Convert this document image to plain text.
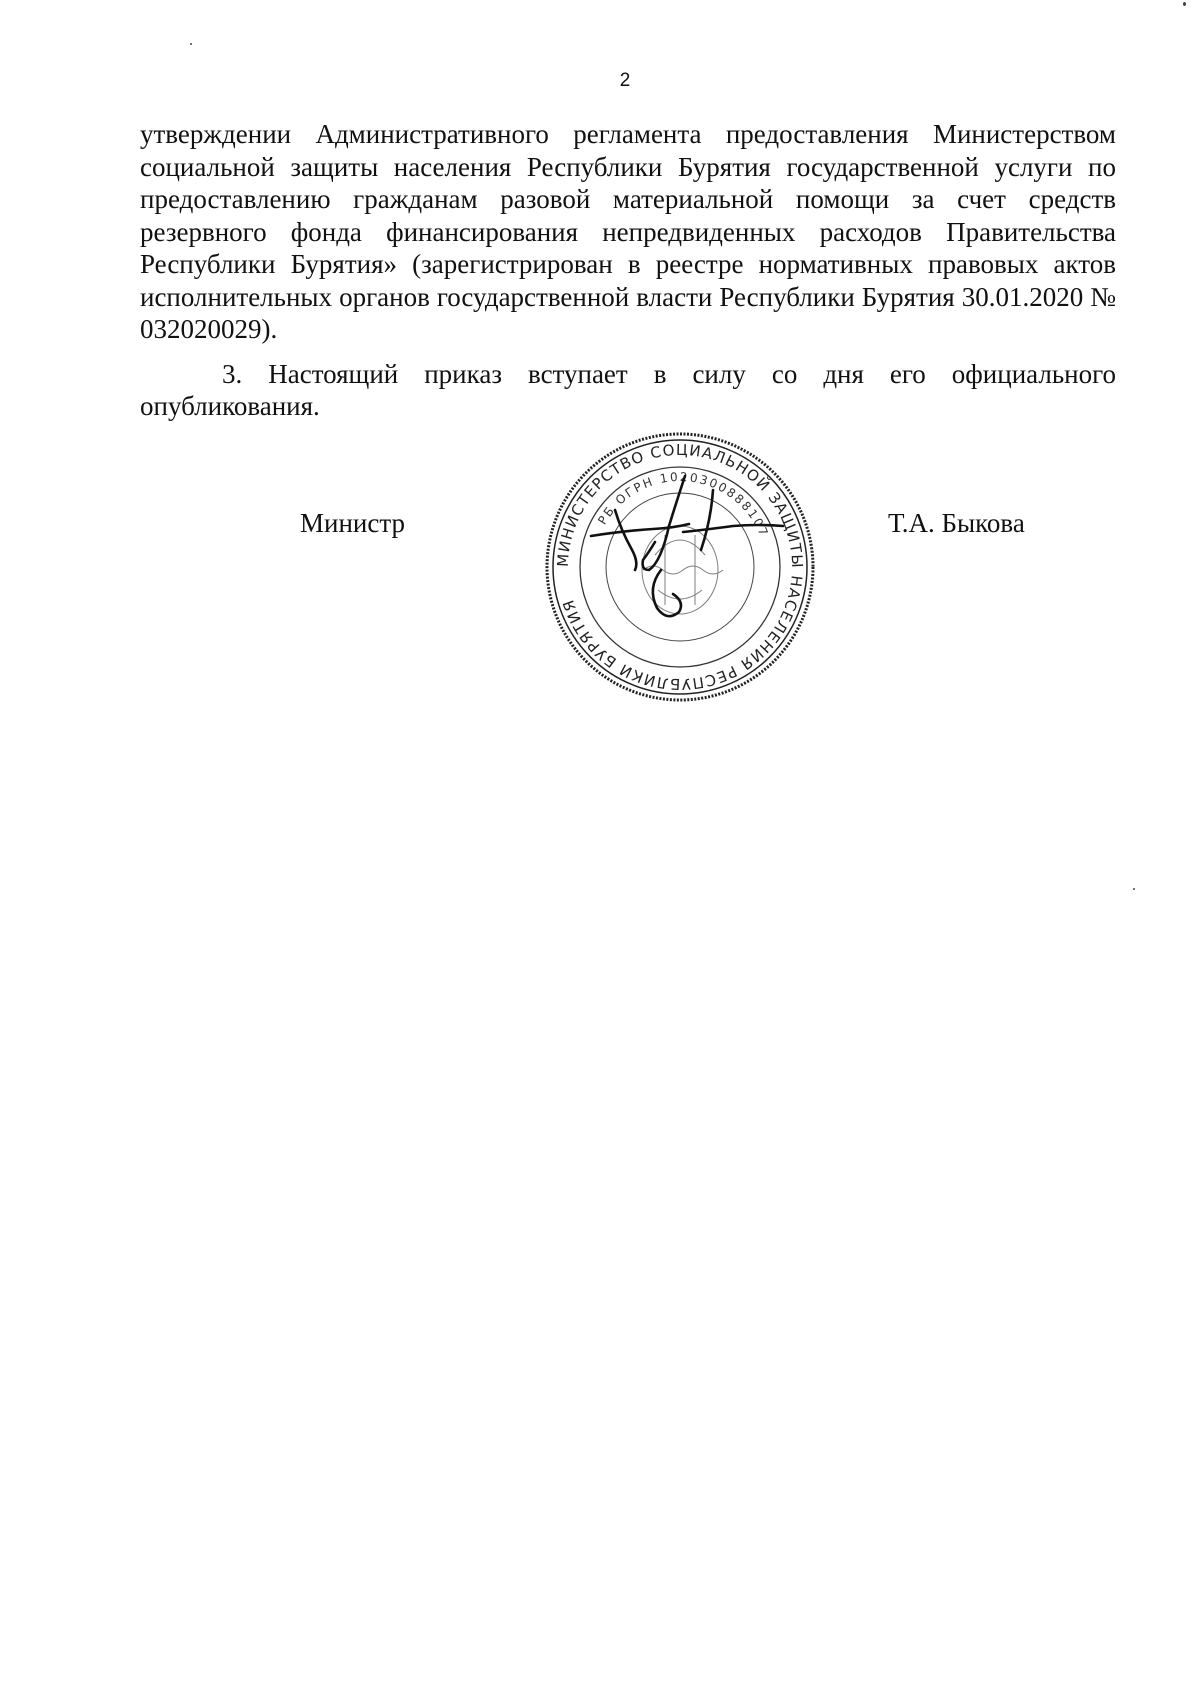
2

утверждении Административного регламента предоставления Министерством социальной защиты населения Республики Бурятия государственной услуги по предоставлению гражданам разовой материальной помощи за счет средств резервного фонда финансирования непредвиденных расходов Правительства Республики Бурятия» (зарегистрирован в реестре нормативных правовых актов исполнительных органов государственной власти Республики Бурятия 30.01.2020 № 032020029).

3. Настоящий приказ вступает в силу со дня его официального опубликования.

Министр
МИНИСТЕРСТВО СОЦИАЛЬНОЙ ЗАЩИТЫ НАСЕЛЕНИЯ РЕСПУБЛИКИ БУРЯТИЯ
РБ ОГРН 1020300888107	Т.А. Быкова
